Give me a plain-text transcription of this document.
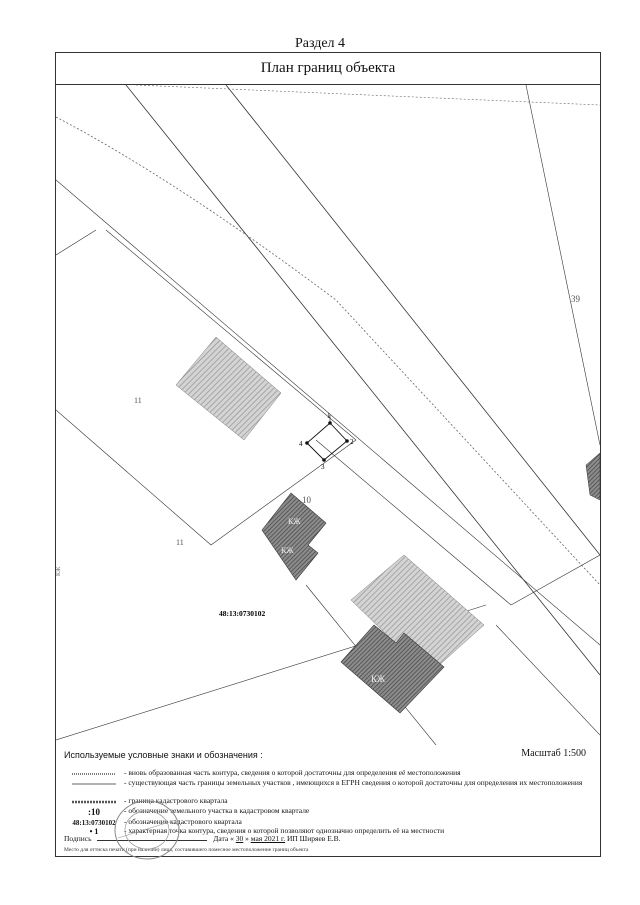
Раздел 4
План границ объекта
1
2
3
4
39
11
11
10
КЖ
КЖ
КЖ
48:13:0730102
КЖ
Используемые условные знаки и обозначения :	Масштаб 1:500
- вновь образованная часть контура, сведения о которой достаточны для определения её местоположения
- существующая часть границы земельных участков , имеющихся в ЕГРН сведения о которой достаточны для определения их местоположения
- граница кадастрового квартала
:10	- обозначение земельного участка в кадастровом квартале
48:13:0730102	- обозначение кадастрового квартала
• 1	- характерная точка контура, сведения о которой позволяют однозначно определить её на местности
Подпись	Дата « 30 » мая 2021 г. ИП Ширяев Е.В.
Место для оттиска печати (при наличии) лица, составившего помесное местоположение границ объекта
